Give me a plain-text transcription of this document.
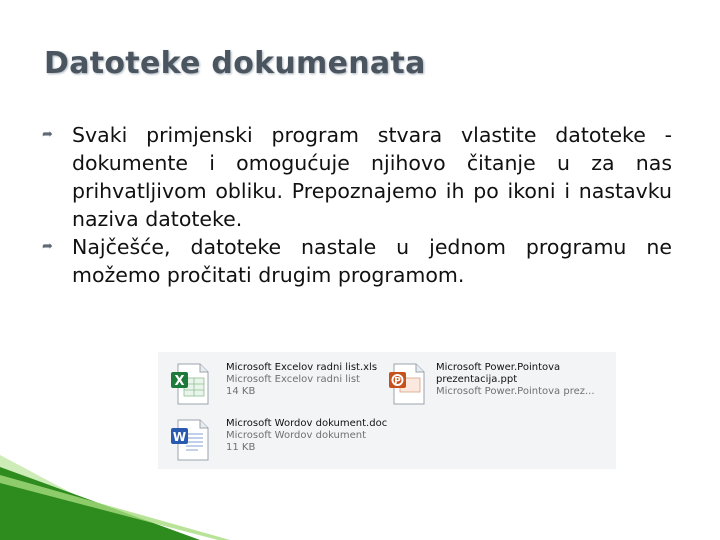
Datoteke dokumenata
➦ Svaki primjenski program stvara vlastite datoteke - dokumente i omogućuje njihovo čitanje u za nas prihvatljivom obliku. Prepoznajemo ih po ikoni i nastavku naziva datoteke.
➦ Najčešće, datoteke nastale u jednom programu ne možemo pročitati drugim programom.
X
Microsoft Excelov radni list.xls
Microsoft Excelov radni list
14 KB
P
Microsoft Power.Pointova
prezentacija.ppt
Microsoft Power.Pointova prez...
W
Microsoft Wordov dokument.doc
Microsoft Wordov dokument
11 KB
